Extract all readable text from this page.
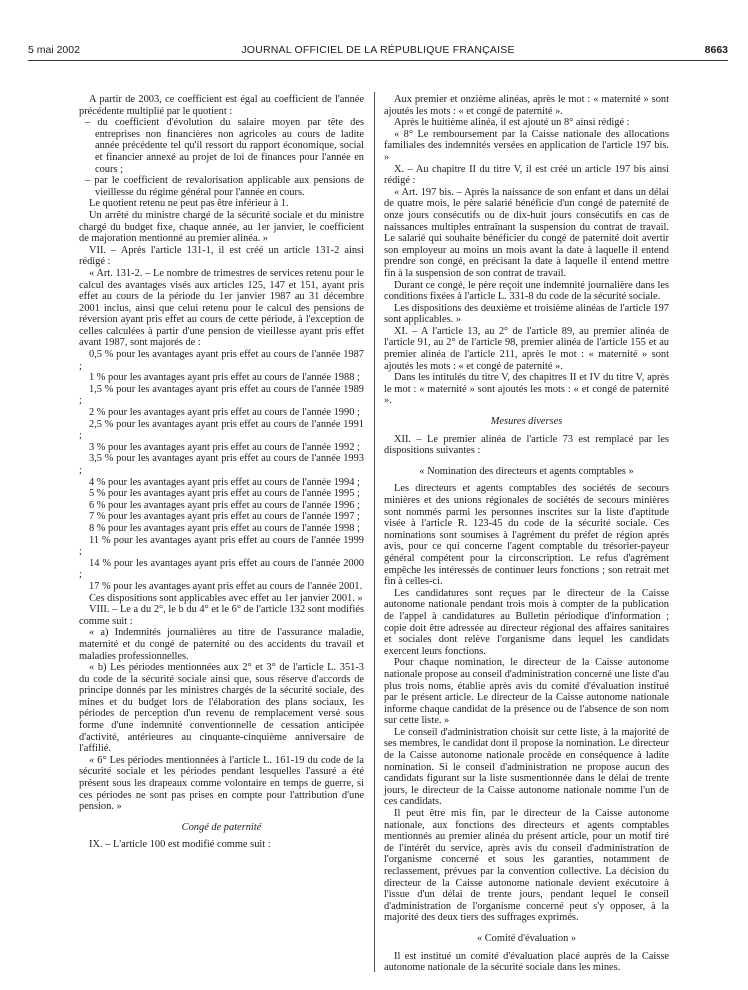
5 mai 2002	JOURNAL OFFICIEL DE LA RÉPUBLIQUE FRANÇAISE	8663

A partir de 2003, ce coefficient est égal au coefficient de l'année précédente multiplié par le quotient :

– du coefficient d'évolution du salaire moyen par tête des entreprises non financières non agricoles au cours de ladite année précédente tel qu'il ressort du rapport économique, social et financier annexé au projet de loi de finances pour l'année en cours ;

– par le coefficient de revalorisation applicable aux pensions de vieillesse du régime général pour l'année en cours.

Le quotient retenu ne peut pas être inférieur à 1.

Un arrêté du ministre chargé de la sécurité sociale et du ministre chargé du budget fixe, chaque année, au 1er janvier, le coefficient de majoration mentionné au premier alinéa. »

VII. – Après l'article 131-1, il est créé un article 131-2 ainsi rédigé :

« Art. 131-2. – Le nombre de trimestres de services retenu pour le calcul des avantages visés aux articles 125, 147 et 151, ayant pris effet au cours de la période du 1er janvier 1987 au 31 décembre 2001 inclus, ainsi que celui retenu pour le calcul des pensions de réversion ayant pris effet au cours de cette période, à l'exception de celles calculées à partir d'une pension de vieillesse ayant pris effet avant 1987, sont majorés de :

0,5 % pour les avantages ayant pris effet au cours de l'année 1987 ;

1 % pour les avantages ayant pris effet au cours de l'année 1988 ;

1,5 % pour les avantages ayant pris effet au cours de l'année 1989 ;

2 % pour les avantages ayant pris effet au cours de l'année 1990 ;

2,5 % pour les avantages ayant pris effet au cours de l'année 1991 ;

3 % pour les avantages ayant pris effet au cours de l'année 1992 ;

3,5 % pour les avantages ayant pris effet au cours de l'année 1993 ;

4 % pour les avantages ayant pris effet au cours de l'année 1994 ;

5 % pour les avantages ayant pris effet au cours de l'année 1995 ;

6 % pour les avantages ayant pris effet au cours de l'année 1996 ;

7 % pour les avantages ayant pris effet au cours de l'année 1997 ;

8 % pour les avantages ayant pris effet au cours de l'année 1998 ;

11 % pour les avantages ayant pris effet au cours de l'année 1999 ;

14 % pour les avantages ayant pris effet au cours de l'année 2000 ;

17 % pour les avantages ayant pris effet au cours de l'année 2001.

Ces dispositions sont applicables avec effet au 1er janvier 2001. »

VIII. – Le a du 2°, le b du 4° et le 6° de l'article 132 sont modifiés comme suit :

« a) Indemnités journalières au titre de l'assurance maladie, maternité et du congé de paternité ou des accidents du travail et maladies professionnelles.

« b) Les périodes mentionnées aux 2° et 3° de l'article L. 351-3 du code de la sécurité sociale ainsi que, sous réserve d'accords de principe donnés par les ministres chargés de la sécurité sociale, des mines et du budget lors de l'élaboration des plans sociaux, les périodes de perception d'un revenu de remplacement versé sous forme d'une indemnité conventionnelle de cessation anticipée d'activité, antérieures au cinquante-cinquième anniversaire de l'affilié.

« 6° Les périodes mentionnées à l'article L. 161-19 du code de la sécurité sociale et les périodes pendant lesquelles l'assuré a été présent sous les drapeaux comme volontaire en temps de guerre, si ces périodes ne sont pas prises en compte pour l'attribution d'une pension. »

Congé de paternité

IX. – L'article 100 est modifié comme suit :

Aux premier et onzième alinéas, après le mot : « maternité » sont ajoutés les mots : « et congé de paternité ».

Après le huitième alinéa, il est ajouté un 8° ainsi rédigé :

« 8° Le remboursement par la Caisse nationale des allocations familiales des indemnités versées en application de l'article 197 bis. »

X. – Au chapitre II du titre V, il est créé un article 197 bis ainsi rédigé :

« Art. 197 bis. – Après la naissance de son enfant et dans un délai de quatre mois, le père salarié bénéficie d'un congé de paternité de onze jours consécutifs ou de dix-huit jours consécutifs en cas de naissances multiples entraînant la suspension du contrat de travail. Le salarié qui souhaite bénéficier du congé de paternité doit avertir son employeur au moins un mois avant la date à laquelle il entend prendre son congé, en précisant la date à laquelle il entend mettre fin à la suspension de son contrat de travail.

Durant ce congé, le père reçoit une indemnité journalière dans les conditions fixées à l'article L. 331-8 du code de la sécurité sociale.

Les dispositions des deuxième et troisième alinéas de l'article 197 sont applicables. »

XI. – A l'article 13, au 2° de l'article 89, au premier alinéa de l'article 91, au 2° de l'article 98, premier alinéa de l'article 155 et au premier alinéa de l'article 211, après le mot : « maternité » sont ajoutés les mots : « et congé de paternité ».

Dans les intitulés du titre V, des chapitres II et IV du titre V, après le mot : « maternité » sont ajoutés les mots : « et congé de paternité ».

Mesures diverses

XII. – Le premier alinéa de l'article 73 est remplacé par les dispositions suivantes :

« Nomination des directeurs et agents comptables »

Les directeurs et agents comptables des sociétés de secours minières et des unions régionales de sociétés de secours minières sont nommés parmi les personnes inscrites sur la liste d'aptitude visée à l'article R. 123-45 du code de la sécurité sociale. Ces nominations sont soumises à l'agrément du préfet de région après avis, pour ce qui concerne l'agent comptable du trésorier-payeur général compétent pour la circonscription. Le refus d'agrément empêche les intéressés de continuer leurs fonctions ; son retrait met fin à celles-ci.

Les candidatures sont reçues par le directeur de la Caisse autonome nationale pendant trois mois à compter de la publication de l'appel à candidatures au Bulletin périodique d'information ; copie doit être adressée au directeur régional des affaires sanitaires et sociales dont relève l'organisme dans lequel les candidats exercent leurs fonctions.

Pour chaque nomination, le directeur de la Caisse autonome nationale propose au conseil d'administration concerné une liste d'au plus trois noms, établie après avis du comité d'évaluation institué par le présent article. Le directeur de la Caisse autonome nationale informe chaque candidat de la présence ou de l'absence de son nom sur cette liste. »

Le conseil d'administration choisit sur cette liste, à la majorité de ses membres, le candidat dont il propose la nomination. Le directeur de la Caisse autonome nationale procède en conséquence à ladite nomination. Si le conseil d'administration ne propose aucun des candidats figurant sur la liste susmentionnée dans le délai de trente jours, le directeur de la Caisse autonome nationale nomme l'un de ces candidats.

Il peut être mis fin, par le directeur de la Caisse autonome nationale, aux fonctions des directeurs et agents comptables mentionnés au premier alinéa du présent article, pour un motif tiré de l'intérêt du service, après avis du conseil d'administration de l'organisme concerné et sous les garanties, notamment de reclassement, prévues par la convention collective. La décision du directeur de la Caisse autonome nationale devient exécutoire à l'issue d'un délai de trente jours, pendant lequel le conseil d'administration de l'organisme concerné peut s'y opposer, à la majorité des deux tiers des suffrages exprimés.

« Comité d'évaluation »

Il est institué un comité d'évaluation placé auprès de la Caisse autonome nationale de la sécurité sociale dans les mines.
